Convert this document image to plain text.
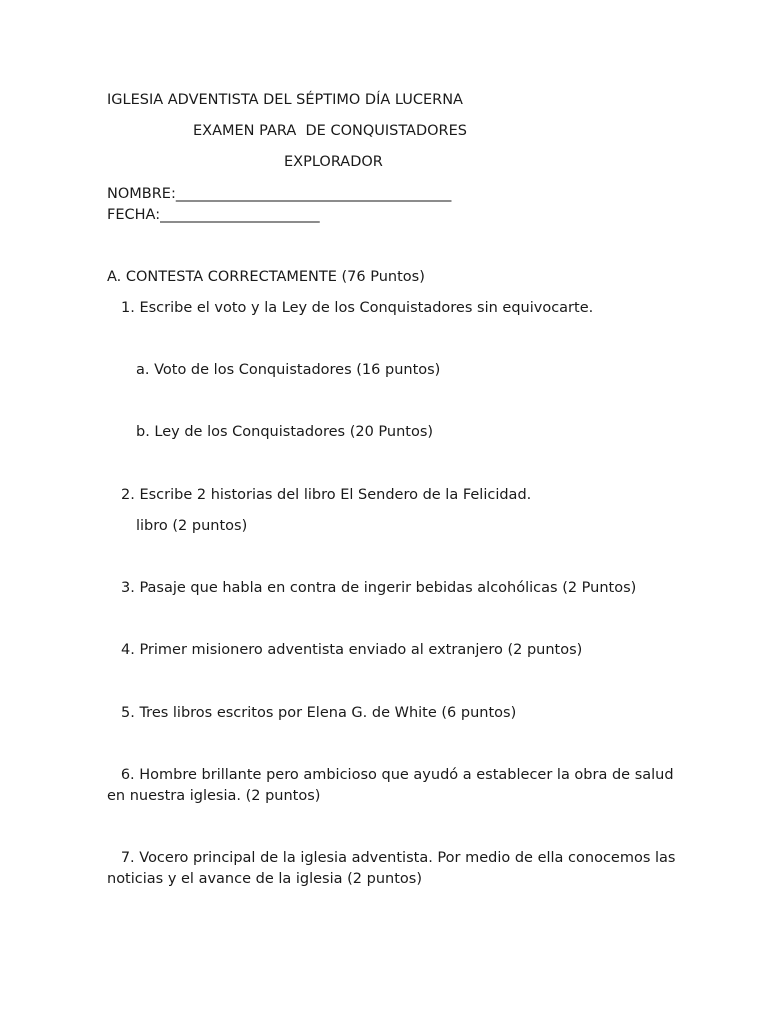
IGLESIA ADVENTISTA DEL SÉPTIMO DÍA LUCERNA
EXAMEN PARA  DE CONQUISTADORES
EXPLORADOR
NOMBRE:______________________________________
FECHA:______________________
A. CONTESTA CORRECTAMENTE (76 Puntos)
1. Escribe el voto y la Ley de los Conquistadores sin equivocarte.
a. Voto de los Conquistadores (16 puntos)
b. Ley de los Conquistadores (20 Puntos)
2. Escribe 2 historias del libro El Sendero de la Felicidad.
libro (2 puntos)
3. Pasaje que habla en contra de ingerir bebidas alcohólicas (2 Puntos)
4. Primer misionero adventista enviado al extranjero (2 puntos)
5. Tres libros escritos por Elena G. de White (6 puntos)
6. Hombre brillante pero ambicioso que ayudó a establecer la obra de salud en nuestra iglesia. (2 puntos)
7. Vocero principal de la iglesia adventista. Por medio de ella conocemos las noticias y el avance de la iglesia (2 puntos)
